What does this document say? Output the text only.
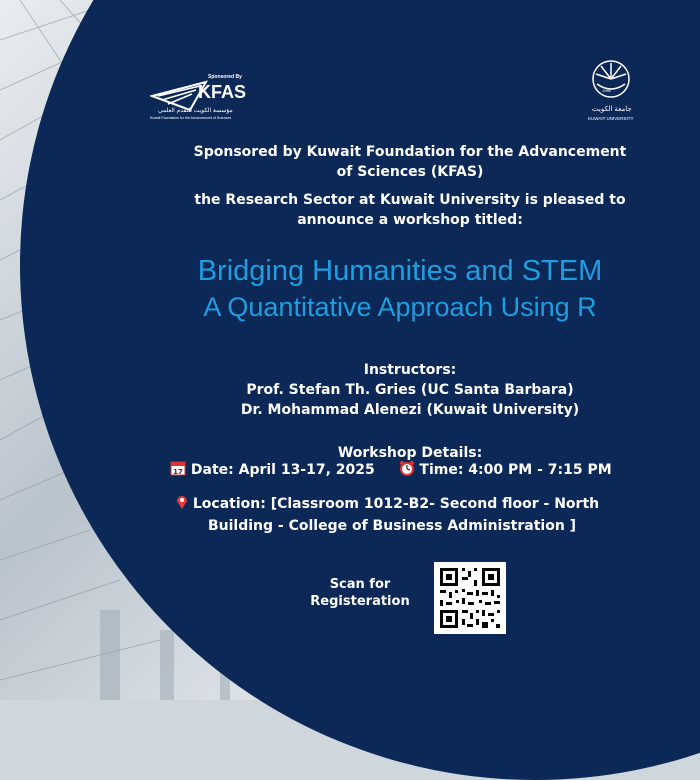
Sponsored By
KFAS
مؤسسة الكويت للتقدم العلمي
Kuwait Foundation for the Advancement of Sciences
1966
جامعة الكويت
KUWAIT UNIVERSITY
Sponsored by Kuwait Foundation for the Advancement
of Sciences (KFAS)
the Research Sector at Kuwait University is pleased to
announce a workshop titled:
Bridging Humanities and STEM
A Quantitative Approach Using R
Instructors:
Prof. Stefan Th. Gries (UC Santa Barbara)
Dr. Mohammad Alenezi (Kuwait University)
Workshop Details:
17 Date: April 13-17, 2025	Time: 4:00 PM - 7:15 PM
Location: [Classroom 1012-B2- Second floor - North
Building - College of Business Administration ]
Scan for
Registeration
